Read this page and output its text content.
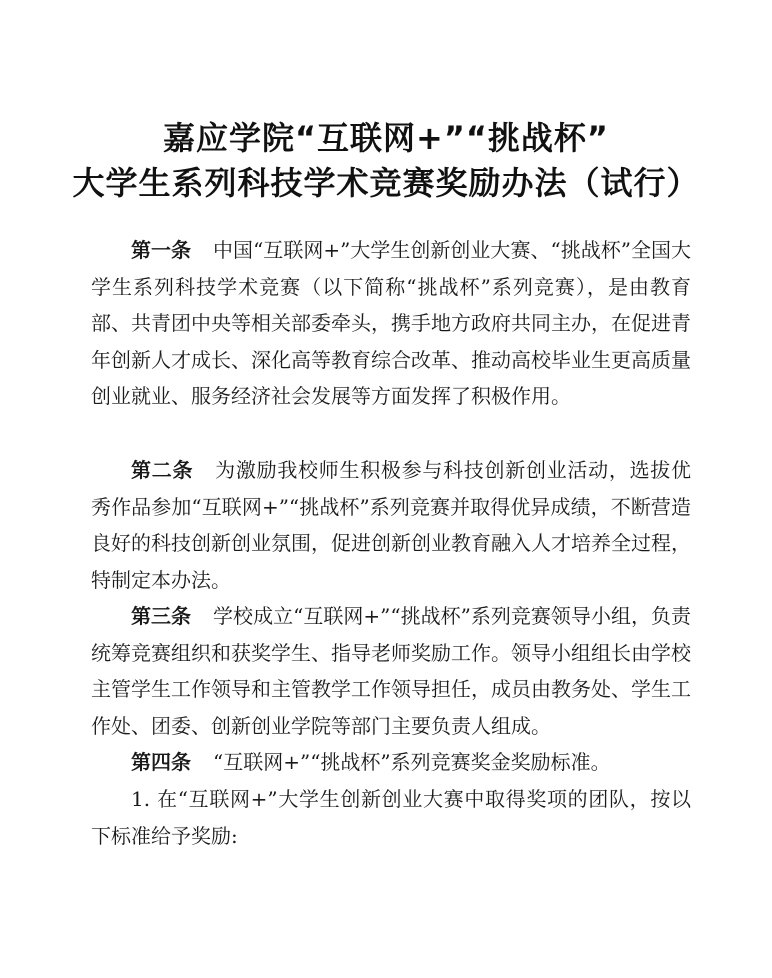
嘉应学院“互联网+”“挑战杯”
大学生系列科技学术竞赛奖励办法（试行）

第一条 中国“互联网+”大学生创新创业大赛、“挑战杯”全国大学生系列科技学术竞赛（以下简称“挑战杯”系列竞赛），是由教育部、共青团中央等相关部委牵头，携手地方政府共同主办，在促进青年创新人才成长、深化高等教育综合改革、推动高校毕业生更高质量创业就业、服务经济社会发展等方面发挥了积极作用。

第二条 为激励我校师生积极参与科技创新创业活动，选拔优秀作品参加“互联网+”“挑战杯”系列竞赛并取得优异成绩，不断营造良好的科技创新创业氛围，促进创新创业教育融入人才培养全过程，特制定本办法。

第三条 学校成立“互联网+”“挑战杯”系列竞赛领导小组，负责统筹竞赛组织和获奖学生、指导老师奖励工作。领导小组组长由学校主管学生工作领导和主管教学工作领导担任，成员由教务处、学生工作处、团委、创新创业学院等部门主要负责人组成。

第四条 “互联网+”“挑战杯”系列竞赛奖金奖励标准。

1. 在“互联网+”大学生创新创业大赛中取得奖项的团队，按以下标准给予奖励:
